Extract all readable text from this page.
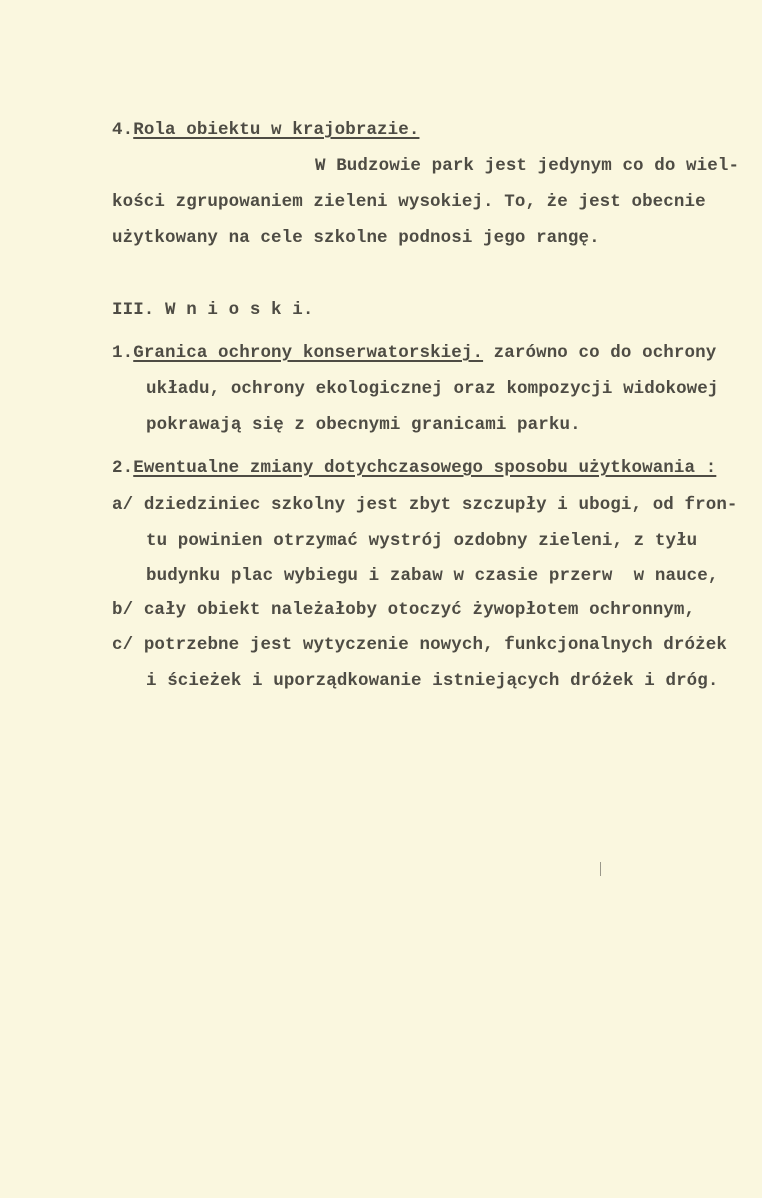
4.Rola obiektu w krajobrazie.
W Budzowie park jest jedynym co do wiel-
kości zgrupowaniem zieleni wysokiej. To, że jest obecnie
użytkowany na cele szkolne podnosi jego rangę.
III. W n i o s k i.
1.Granica ochrony konserwatorskiej. zarówno co do ochrony
układu, ochrony ekologicznej oraz kompozycji widokowej
pokrawają się z obecnymi granicami parku.
2.Ewentualne zmiany dotychczasowego sposobu użytkowania :
a/ dziedziniec szkolny jest zbyt szczupły i ubogi, od fron-
tu powinien otrzymać wystrój ozdobny zieleni, z tyłu
budynku plac wybiegu i zabaw w czasie przerw  w nauce,
b/ cały obiekt należałoby otoczyć żywopłotem ochronnym,
c/ potrzebne jest wytyczenie nowych, funkcjonalnych dróżek
i ścieżek i uporządkowanie istniejących dróżek i dróg.
